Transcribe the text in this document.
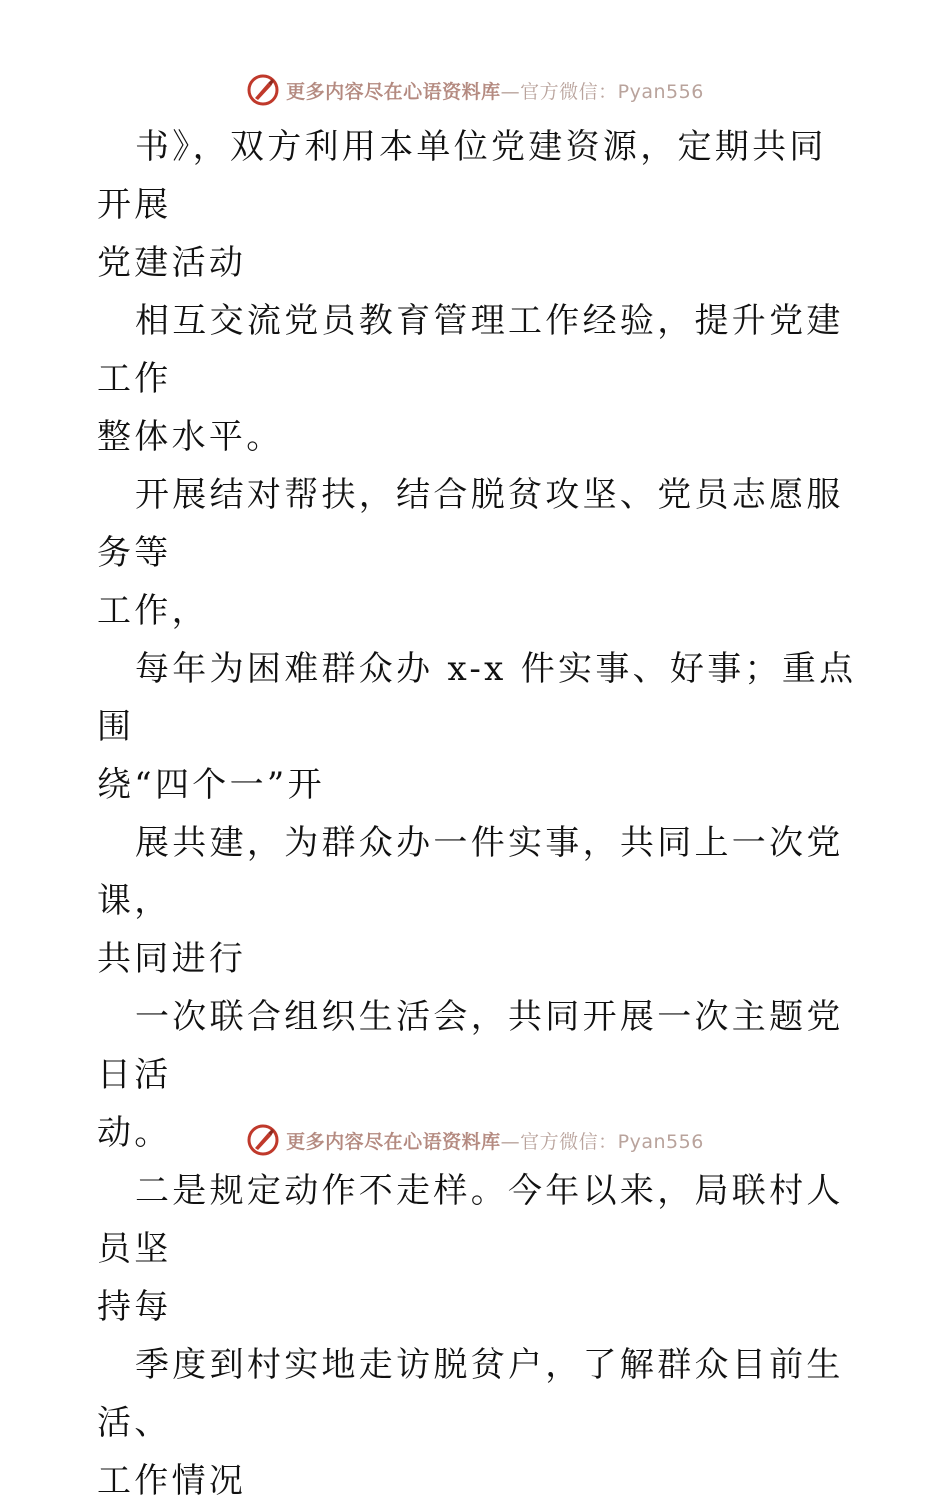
更多内容尽在心语资料库—官方微信：Pyan556

书》，双方利用本单位党建资源，定期共同开展
党建活动

相互交流党员教育管理工作经验，提升党建工作
整体水平。

开展结对帮扶，结合脱贫攻坚、党员志愿服务等
工作，

每年为困难群众办 x-x 件实事、好事；重点围
绕“四个一”开

展共建，为群众办一件实事，共同上一次党课，
共同进行

一次联合组织生活会，共同开展一次主题党日活
动。

二是规定动作不走样。今年以来，局联村人员坚
持每

季度到村实地走访脱贫户，了解群众目前生活、
工作情况

更多内容尽在心语资料库—官方微信：Pyan556
